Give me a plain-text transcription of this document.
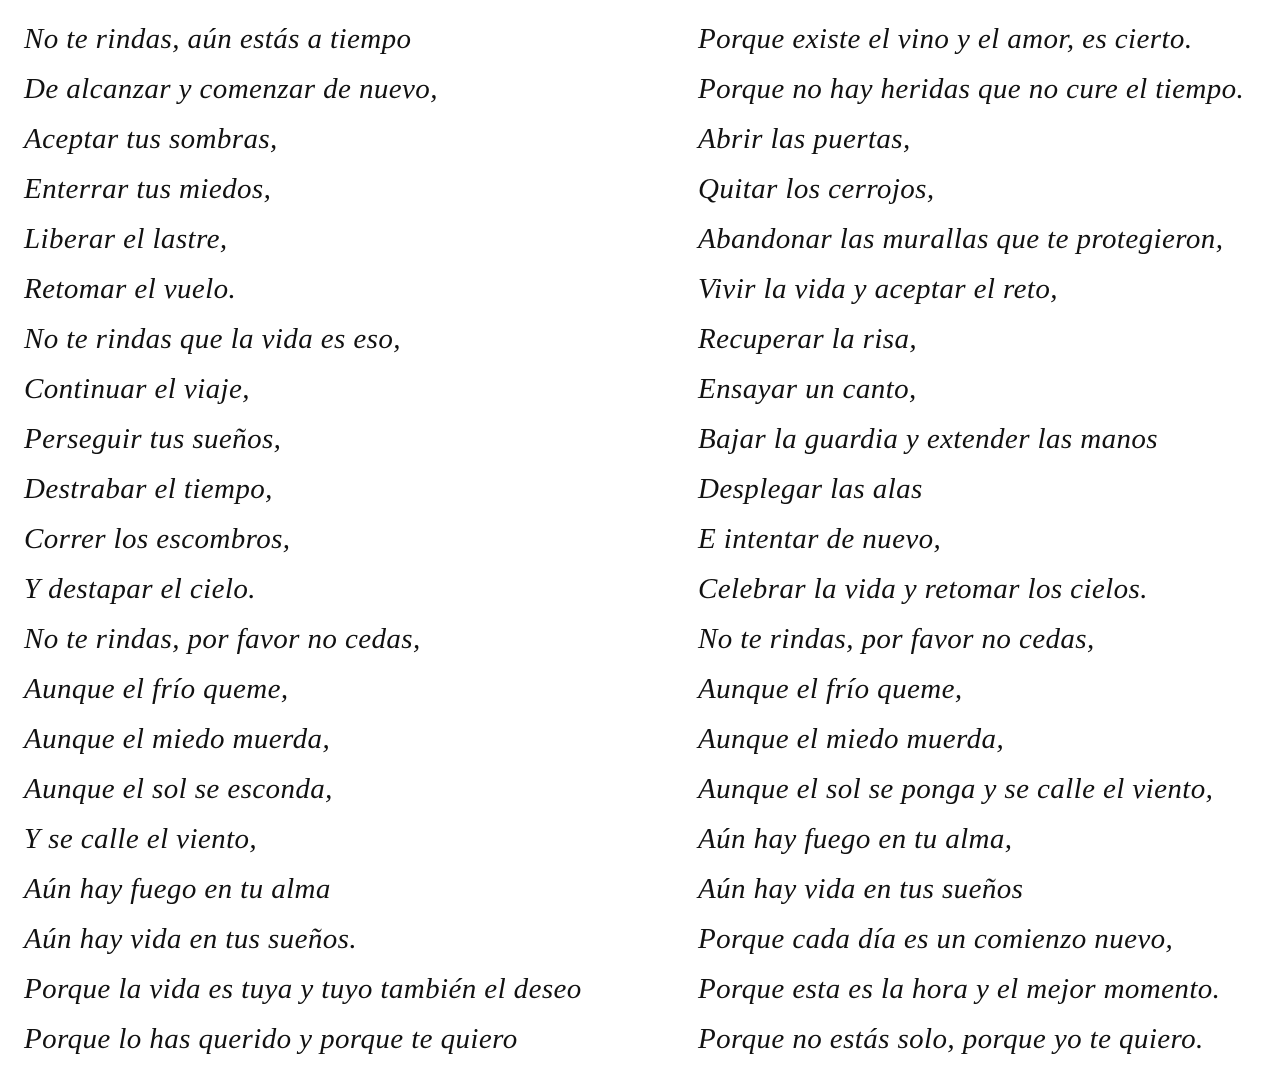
No te rindas, aún estás a tiempo
De alcanzar y comenzar de nuevo,
Aceptar tus sombras,
Enterrar tus miedos,
Liberar el lastre,
Retomar el vuelo.
No te rindas que la vida es eso,
Continuar el viaje,
Perseguir tus sueños,
Destrabar el tiempo,
Correr los escombros,
Y destapar el cielo.
No te rindas, por favor no cedas,
Aunque el frío queme,
Aunque el miedo muerda,
Aunque el sol se esconda,
Y se calle el viento,
Aún hay fuego en tu alma
Aún hay vida en tus sueños.
Porque la vida es tuya y tuyo también el deseo
Porque lo has querido y porque te quiero
Porque existe el vino y el amor, es cierto.
Porque no hay heridas que no cure el tiempo.
Abrir las puertas,
Quitar los cerrojos,
Abandonar las murallas que te protegieron,
Vivir la vida y aceptar el reto,
Recuperar la risa,
Ensayar un canto,
Bajar la guardia y extender las manos
Desplegar las alas
E intentar de nuevo,
Celebrar la vida y retomar los cielos.
No te rindas, por favor no cedas,
Aunque el frío queme,
Aunque el miedo muerda,
Aunque el sol se ponga y se calle el viento,
Aún hay fuego en tu alma,
Aún hay vida en tus sueños
Porque cada día es un comienzo nuevo,
Porque esta es la hora y el mejor momento.
Porque no estás solo, porque yo te quiero.
